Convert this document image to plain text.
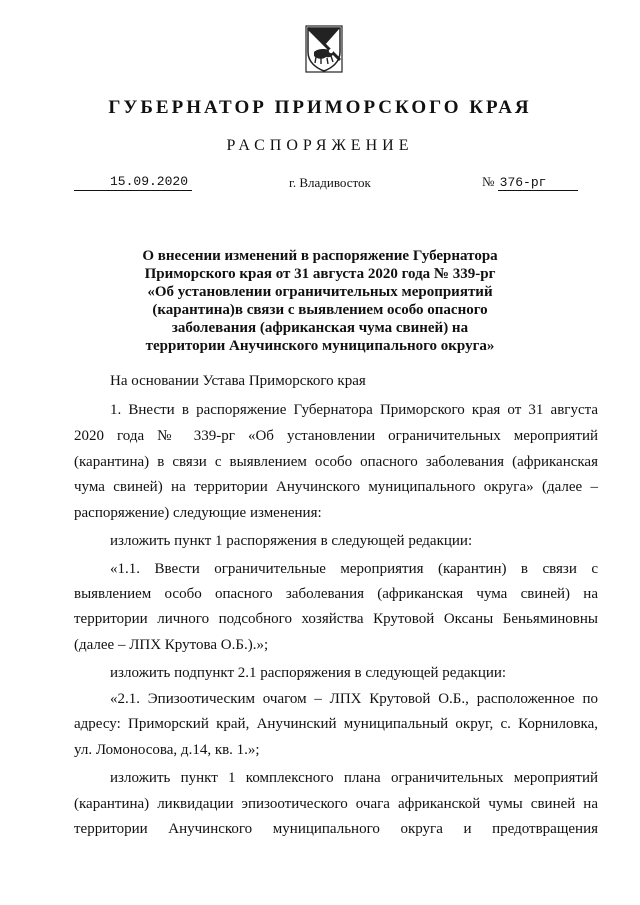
ГУБЕРНАТОР ПРИМОРСКОГО КРАЯ
РАСПОРЯЖЕНИЕ
15.09.2020	г. Владивосток	№ 376-рг
О внесении изменений в распоряжение Губернатора
Приморского края от 31 августа 2020 года № 339-рг
«Об установлении ограничительных мероприятий
(карантина)в связи с выявлением особо опасного
заболевания (африканская чума свиней) на
территории Анучинского муниципального округа»
На основании Устава Приморского края
1. Внести в распоряжение Губернатора Приморского края от 31 августа
2020 года № 339-рг «Об установлении ограничительных мероприятий
(карантина) в связи с выявлением особо опасного заболевания (африканская
чума свиней) на территории Анучинского муниципального округа» (далее –
распоряжение) следующие изменения:
изложить пункт 1 распоряжения в следующей редакции:
«1.1. Ввести ограничительные мероприятия (карантин) в связи с
выявлением особо опасного заболевания (африканская чума свиней) на
территории личного подсобного хозяйства Крутовой Оксаны Беньяминовны
(далее – ЛПХ Крутова О.Б.).»;
изложить подпункт 2.1 распоряжения в следующей редакции:
«2.1. Эпизоотическим очагом – ЛПХ Крутовой О.Б., расположенное по
адресу: Приморский край, Анучинский муниципальный округ, с. Корниловка,
ул. Ломоносова, д.14, кв. 1.»;
изложить пункт 1 комплексного плана ограничительных мероприятий
(карантина) ликвидации эпизоотического очага африканской чумы свиней на
территории Анучинского муниципального округа и предотвращения
